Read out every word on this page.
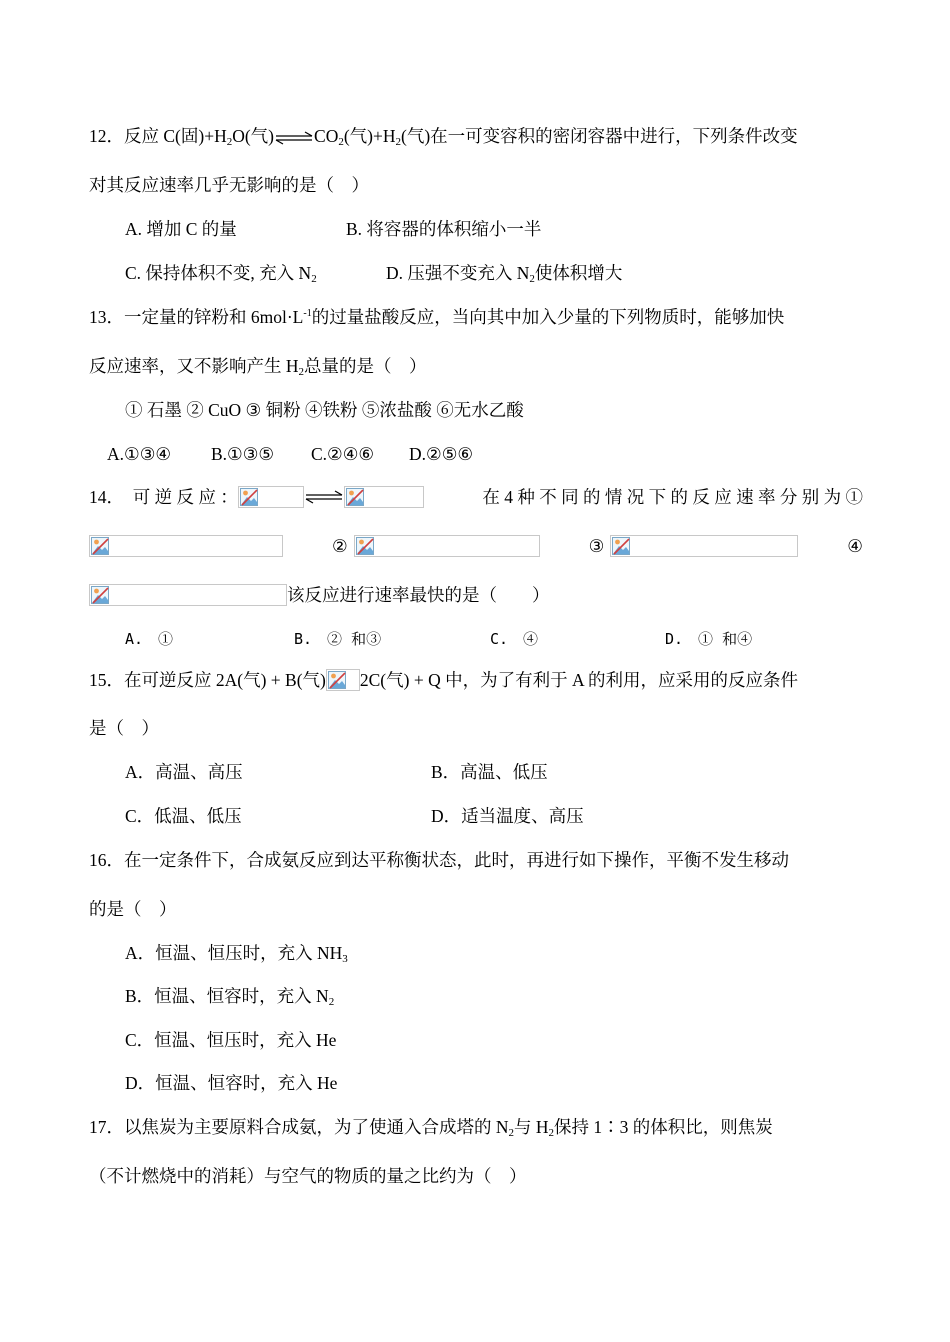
12．反应 C(固)$+H_2O$(气) $CO_2$(气)$+H_2$(气)在一可变容积的密闭容器中进行，下列条件改变
对其反应速率几乎无影响的是（　）
A. 增加 C 的量	B. 将容器的体积缩小一半
C. 保持体积不变, 充入 $N_2$	D. 压强不变充入 $N_2$使体积增大
13．一定量的锌粉和 $6mol\cdot L^{-1}$的过量盐酸反应，当向其中加入少量的下列物质时，能够加快
反应速率，又不影响产生 $H_2$总量的是（　）
① 石墨 ② CuO ③ 铜粉 ④铁粉 ⑤浓盐酸 ⑥无水乙酸
A.①③④ B.①③⑤ C.②④⑥ D.②⑤⑥
14．　可 逆 反 应 ：	在 4 种 不 同 的 情 况 下 的 反 应 速 率 分 别 为 ①
②	③	④
该反应进行速率最快的是（　　）
A.　①	B.　② 和③	C.　④	D.　① 和④
15．在可逆反应 2A(气) + B(气) 2C(气) + Q 中，为了有利于 A 的利用，应采用的反应条件
是（　）
A．高温、高压	B．高温、低压
C．低温、低压	D．适当温度、高压
16．在一定条件下，合成氨反应到达平称衡状态，此时，再进行如下操作，平衡不发生移动
的是（　）
A．恒温、恒压时，充入 $NH_3$
B．恒温、恒容时，充入 $N_2$
C．恒温、恒压时，充入 He
D．恒温、恒容时，充入 He
17．以焦炭为主要原料合成氨，为了使通入合成塔的 $N_2$与 $H_2$保持 1∶3 的体积比，则焦炭
（不计燃烧中的消耗）与空气的物质的量之比约为（　）
